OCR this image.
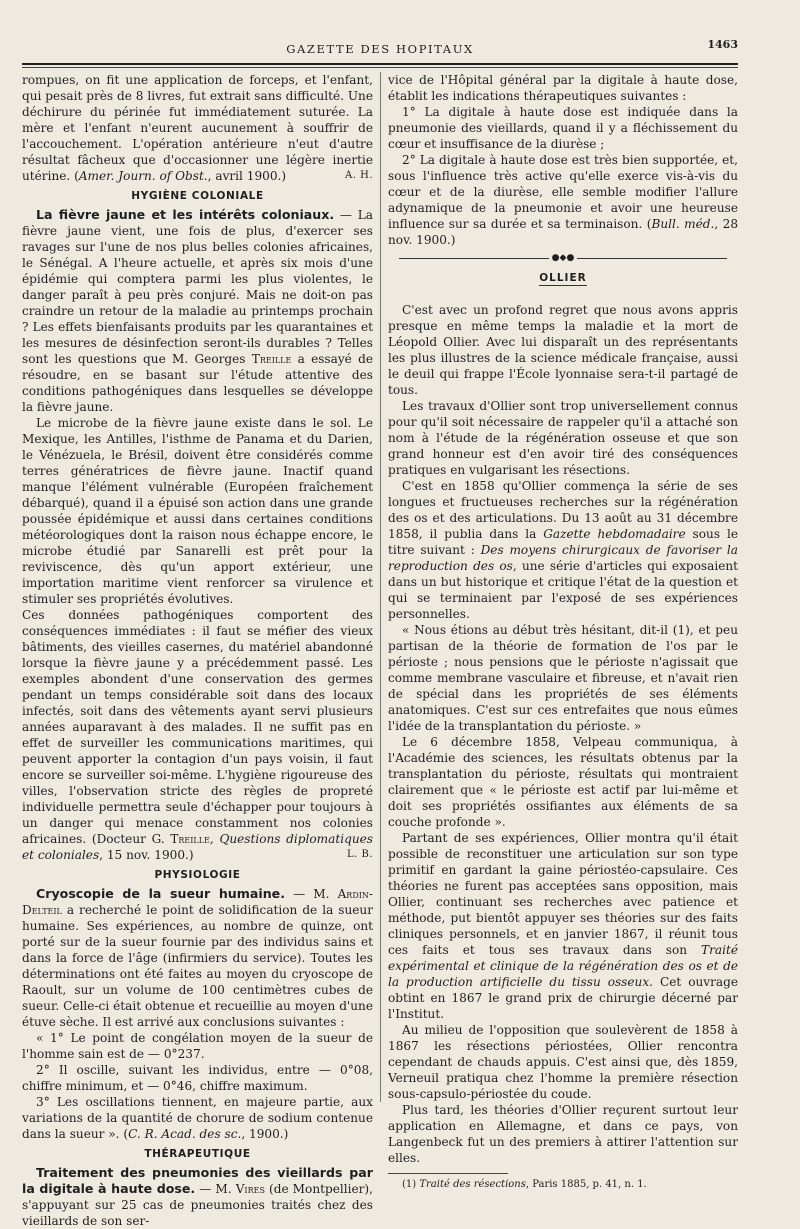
GAZETTE DES HOPITAUX	1463
rompues, on fit une application de forceps, et l'enfant, qui pesait près de 8 livres, fut extrait sans difficulté. Une déchirure du périnée fut immédiatement suturée. La mère et l'enfant n'eurent aucunement à souffrir de l'accouchement. L'opération antérieure n'eut d'autre résultat fâcheux que d'occasionner une légère inertie utérine. (Amer. Journ. of Obst., avril 1900.)	A. H.
HYGIÈNE COLONIALE

La fièvre jaune et les intérêts coloniaux. — La fièvre jaune vient, une fois de plus, d'exercer ses ravages sur l'une de nos plus belles colonies africaines, le Sénégal. A l'heure actuelle, et après six mois d'une épidémie qui comptera parmi les plus violentes, le danger paraît à peu près conjuré. Mais ne doit-on pas craindre un retour de la maladie au printemps prochain ? Les effets bienfaisants produits par les quarantaines et les mesures de désinfection seront-ils durables ? Telles sont les questions que M. Georges Treille a essayé de résoudre, en se basant sur l'étude attentive des conditions pathogéniques dans lesquelles se développe la fièvre jaune.

Le microbe de la fièvre jaune existe dans le sol. Le Mexique, les Antilles, l'isthme de Panama et du Darien, le Vénézuela, le Brésil, doivent être considérés comme terres génératrices de fièvre jaune. Inactif quand manque l'élément vulnérable (Européen fraîchement débarqué), quand il a épuisé son action dans une grande poussée épidémique et aussi dans certaines conditions météorologiques dont la raison nous échappe encore, le microbe étudié par Sanarelli est prêt pour la reviviscence, dès qu'un apport extérieur, une importation maritime vient renforcer sa virulence et stimuler ses propriétés évolutives.

Ces données pathogéniques comportent des conséquences immédiates : il faut se méfier des vieux bâtiments, des vieilles casernes, du matériel abandonné lorsque la fièvre jaune y a précédemment passé. Les exemples abondent d'une conservation des germes pendant un temps considérable soit dans des locaux infectés, soit dans des vêtements ayant servi plusieurs années auparavant à des malades. Il ne suffit pas en effet de surveiller les communications maritimes, qui peuvent apporter la contagion d'un pays voisin, il faut encore se surveiller soi-même. L'hygiène rigoureuse des villes, l'observation stricte des règles de propreté individuelle permettra seule d'échapper pour toujours à un danger qui menace constamment nos colonies africaines. (Docteur G. Treille, Questions diplomatiques et coloniales, 15 nov. 1900.)	L. B.
PHYSIOLOGIE

Cryoscopie de la sueur humaine. — M. Ardin-Delteil a recherché le point de solidification de la sueur humaine. Ses expériences, au nombre de quinze, ont porté sur de la sueur fournie par des individus sains et dans la force de l'âge (infirmiers du service). Toutes les déterminations ont été faites au moyen du cryoscope de Raoult, sur un volume de 100 centimètres cubes de sueur. Celle-ci était obtenue et recueillie au moyen d'une étuve sèche. Il est arrivé aux conclusions suivantes :

« 1° Le point de congélation moyen de la sueur de l'homme sain est de — 0°237.

2° Il oscille, suivant les individus, entre — 0°08, chiffre minimum, et — 0°46, chiffre maximum.

3° Les oscillations tiennent, en majeure partie, aux variations de la quantité de chorure de sodium contenue dans la sueur ». (C. R. Acad. des sc., 1900.)

THÉRAPEUTIQUE

Traitement des pneumonies des vieillards par la digitale à haute dose. — M. Vires (de Montpellier), s'appuyant sur 25 cas de pneumonies traités chez des vieillards de son ser-

vice de l'Hôpital général par la digitale à haute dose, établit les indications thérapeutiques suivantes :

1° La digitale à haute dose est indiquée dans la pneumonie des vieillards, quand il y a fléchissement du cœur et insuffisance de la diurèse ;

2° La digitale à haute dose est très bien supportée, et, sous l'influence très active qu'elle exerce vis-à-vis du cœur et de la diurèse, elle semble modifier l'allure adynamique de la pneumonie et avoir une heureuse influence sur sa durée et sa terminaison. (Bull. méd., 28 nov. 1900.)

●◆●
OLLIER

C'est avec un profond regret que nous avons appris presque en même temps la maladie et la mort de Léopold Ollier. Avec lui disparaît un des représentants les plus illustres de la science médicale française, aussi le deuil qui frappe l'École lyonnaise sera-t-il partagé de tous.

Les travaux d'Ollier sont trop universellement connus pour qu'il soit nécessaire de rappeler qu'il a attaché son nom à l'étude de la régénération osseuse et que son grand honneur est d'en avoir tiré des conséquences pratiques en vulgarisant les résections.

C'est en 1858 qu'Ollier commença la série de ses longues et fructueuses recherches sur la régénération des os et des articulations. Du 13 août au 31 décembre 1858, il publia dans la Gazette hebdomadaire sous le titre suivant : Des moyens chirurgicaux de favoriser la reproduction des os, une série d'articles qui exposaient dans un but historique et critique l'état de la question et qui se terminaient par l'exposé de ses expériences personnelles.

« Nous étions au début très hésitant, dit-il (1), et peu partisan de la théorie de formation de l'os par le périoste ; nous pensions que le périoste n'agissait que comme membrane vasculaire et fibreuse, et n'avait rien de spécial dans les propriétés de ses éléments anatomiques. C'est sur ces entrefaites que nous eûmes l'idée de la transplantation du périoste. »

Le 6 décembre 1858, Velpeau communiqua, à l'Académie des sciences, les résultats obtenus par la transplantation du périoste, résultats qui montraient clairement que « le périoste est actif par lui-même et doit ses propriétés ossifiantes aux éléments de sa couche profonde ».

Partant de ses expériences, Ollier montra qu'il était possible de reconstituer une articulation sur son type primitif en gardant la gaine périostéo-capsulaire. Ces théories ne furent pas acceptées sans opposition, mais Ollier, continuant ses recherches avec patience et méthode, put bientôt appuyer ses théories sur des faits cliniques personnels, et en janvier 1867, il réunit tous ces faits et tous ses travaux dans son Traité expérimental et clinique de la régénération des os et de la production artificielle du tissu osseux. Cet ouvrage obtint en 1867 le grand prix de chirurgie décerné par l'Institut.

Au milieu de l'opposition que soulevèrent de 1858 à 1867 les résections périostées, Ollier rencontra cependant de chauds appuis. C'est ainsi que, dès 1859, Verneuil pratiqua chez l'homme la première résection sous-capsulo-périostée du coude.

Plus tard, les théories d'Ollier reçurent surtout leur application en Allemagne, et dans ce pays, von Langenbeck fut un des premiers à attirer l'attention sur elles.

(1) Traité des résections, Paris 1885, p. 41, n. 1.
